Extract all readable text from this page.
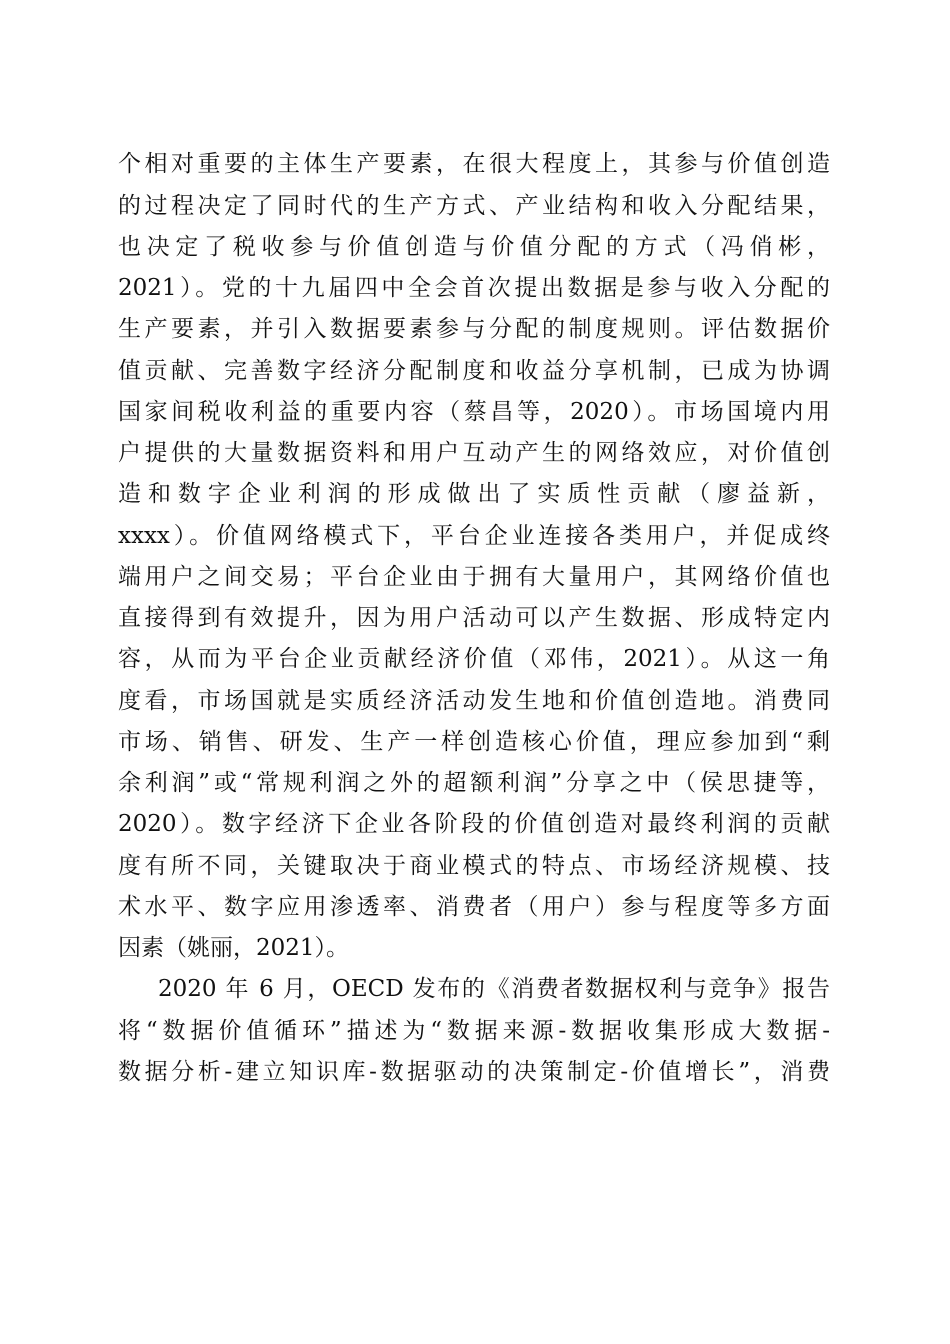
个相对重要的主体生产要素，在很大程度上，其参与价值创造
的过程决定了同时代的生产方式、产业结构和收入分配结果，
也决定了税收参与价值创造与价值分配的方式（冯俏彬，
2021）。党的十九届四中全会首次提出数据是参与收入分配的
生产要素，并引入数据要素参与分配的制度规则。评估数据价
值贡献、完善数字经济分配制度和收益分享机制，已成为协调
国家间税收利益的重要内容（蔡昌等，2020）。市场国境内用
户提供的大量数据资料和用户互动产生的网络效应，对价值创
造和数字企业利润的形成做出了实质性贡献（廖益新，
xxxx）。价值网络模式下，平台企业连接各类用户，并促成终
端用户之间交易；平台企业由于拥有大量用户，其网络价值也
直接得到有效提升，因为用户活动可以产生数据、形成特定内
容，从而为平台企业贡献经济价值（邓伟，2021）。从这一角
度看，市场国就是实质经济活动发生地和价值创造地。消费同
市场、销售、研发、生产一样创造核心价值，理应参加到“剩
余利润”或“常规利润之外的超额利润”分享之中（侯思捷等，
2020）。数字经济下企业各阶段的价值创造对最终利润的贡献
度有所不同，关键取决于商业模式的特点、市场经济规模、技
术水平、数字应用渗透率、消费者（用户）参与程度等多方面
因素（姚丽，2021）。
2020 年 6 月，OECD 发布的《消费者数据权利与竞争》报告
将“数据价值循环”描述为“数据来源-数据收集形成大数据-
数据分析-建立知识库-数据驱动的决策制定-价值增长”，消费
